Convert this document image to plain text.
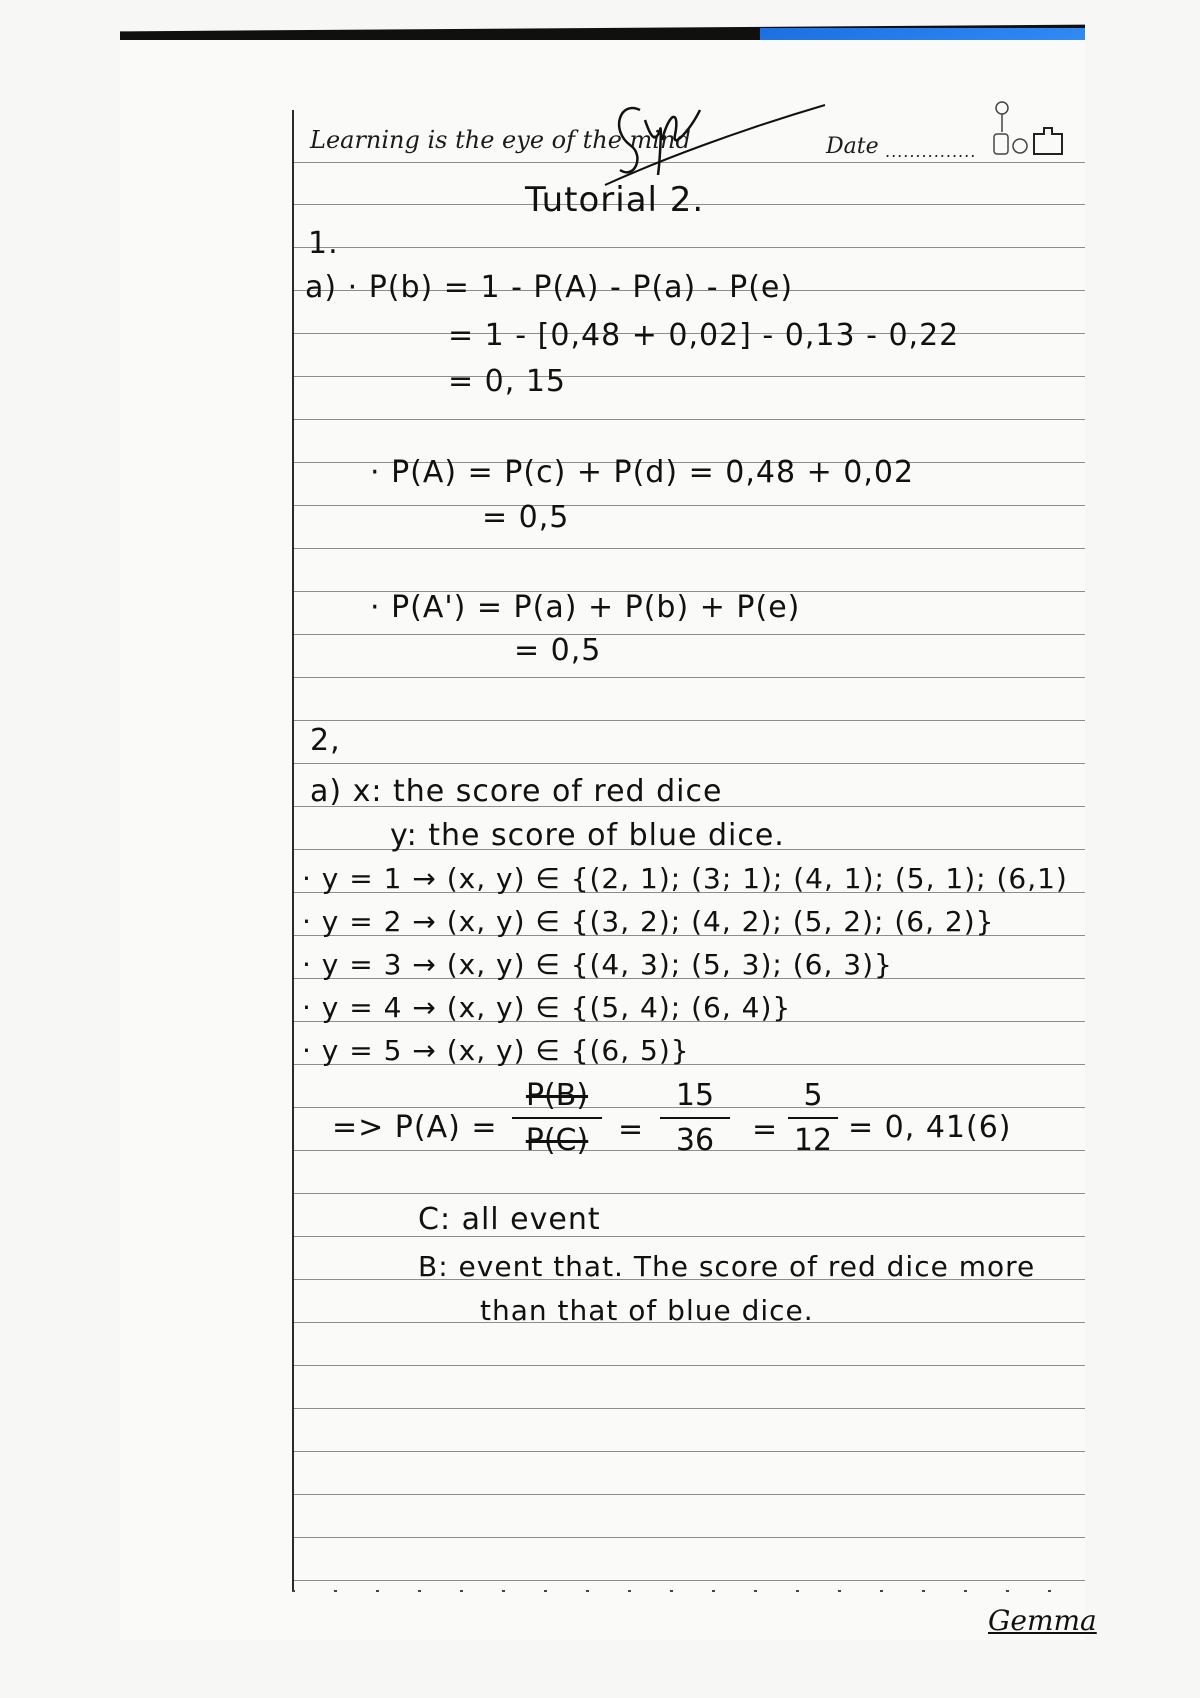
Learning is the eye of the mind	Date ...............
Tutorial 2.
1.
a) · P(b) = 1 - P(A) - P(a) - P(e)
= 1 - [0,48 + 0,02] - 0,13 - 0,22
= 0, 15
· P(A) = P(c) + P(d) = 0,48 + 0,02
= 0,5
· P(A') = P(a) + P(b) + P(e)
= 0,5
2,
a) x: the score of red dice
y: the score of blue dice.
· y = 1 → (x, y) ∈ {(2, 1); (3; 1); (4, 1); (5, 1); (6,1)
· y = 2 → (x, y) ∈ {(3, 2); (4, 2); (5, 2); (6, 2)}
· y = 3 → (x, y) ∈ {(4, 3); (5, 3); (6, 3)}
· y = 4 → (x, y) ∈ {(5, 4); (6, 4)}
· y = 5 → (x, y) ∈ {(6, 5)}
=> P(A) =
P(B)
P(C) =
15
36	=
5
12 = 0, 41(6)
C: all event
B: event that. The score of red dice more
than that of blue dice.
Gemma
